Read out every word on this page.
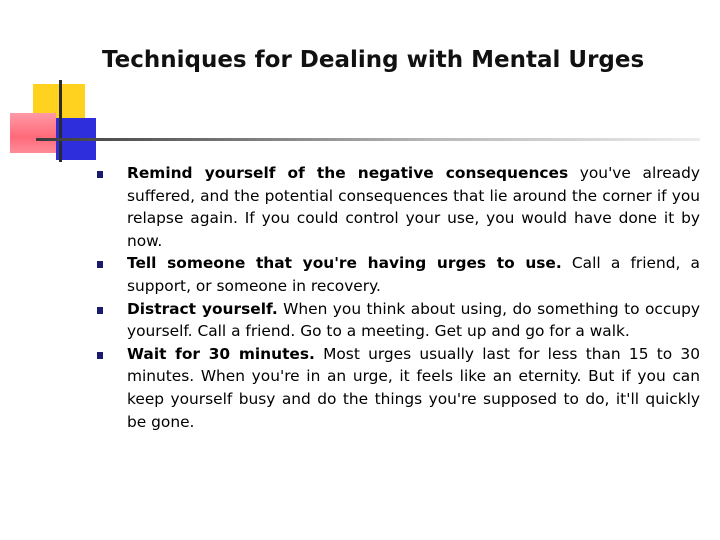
Techniques for Dealing with Mental Urges
Remind yourself of the negative consequences you've already suffered, and the potential consequences that lie around the corner if you relapse again. If you could control your use, you would have done it by now.
Tell someone that you're having urges to use. Call a friend, a support, or someone in recovery.
Distract yourself. When you think about using, do something to occupy yourself. Call a friend. Go to a meeting. Get up and go for a walk.
Wait for 30 minutes. Most urges usually last for less than 15 to 30 minutes. When you're in an urge, it feels like an eternity. But if you can keep yourself busy and do the things you're supposed to do, it'll quickly be gone.
